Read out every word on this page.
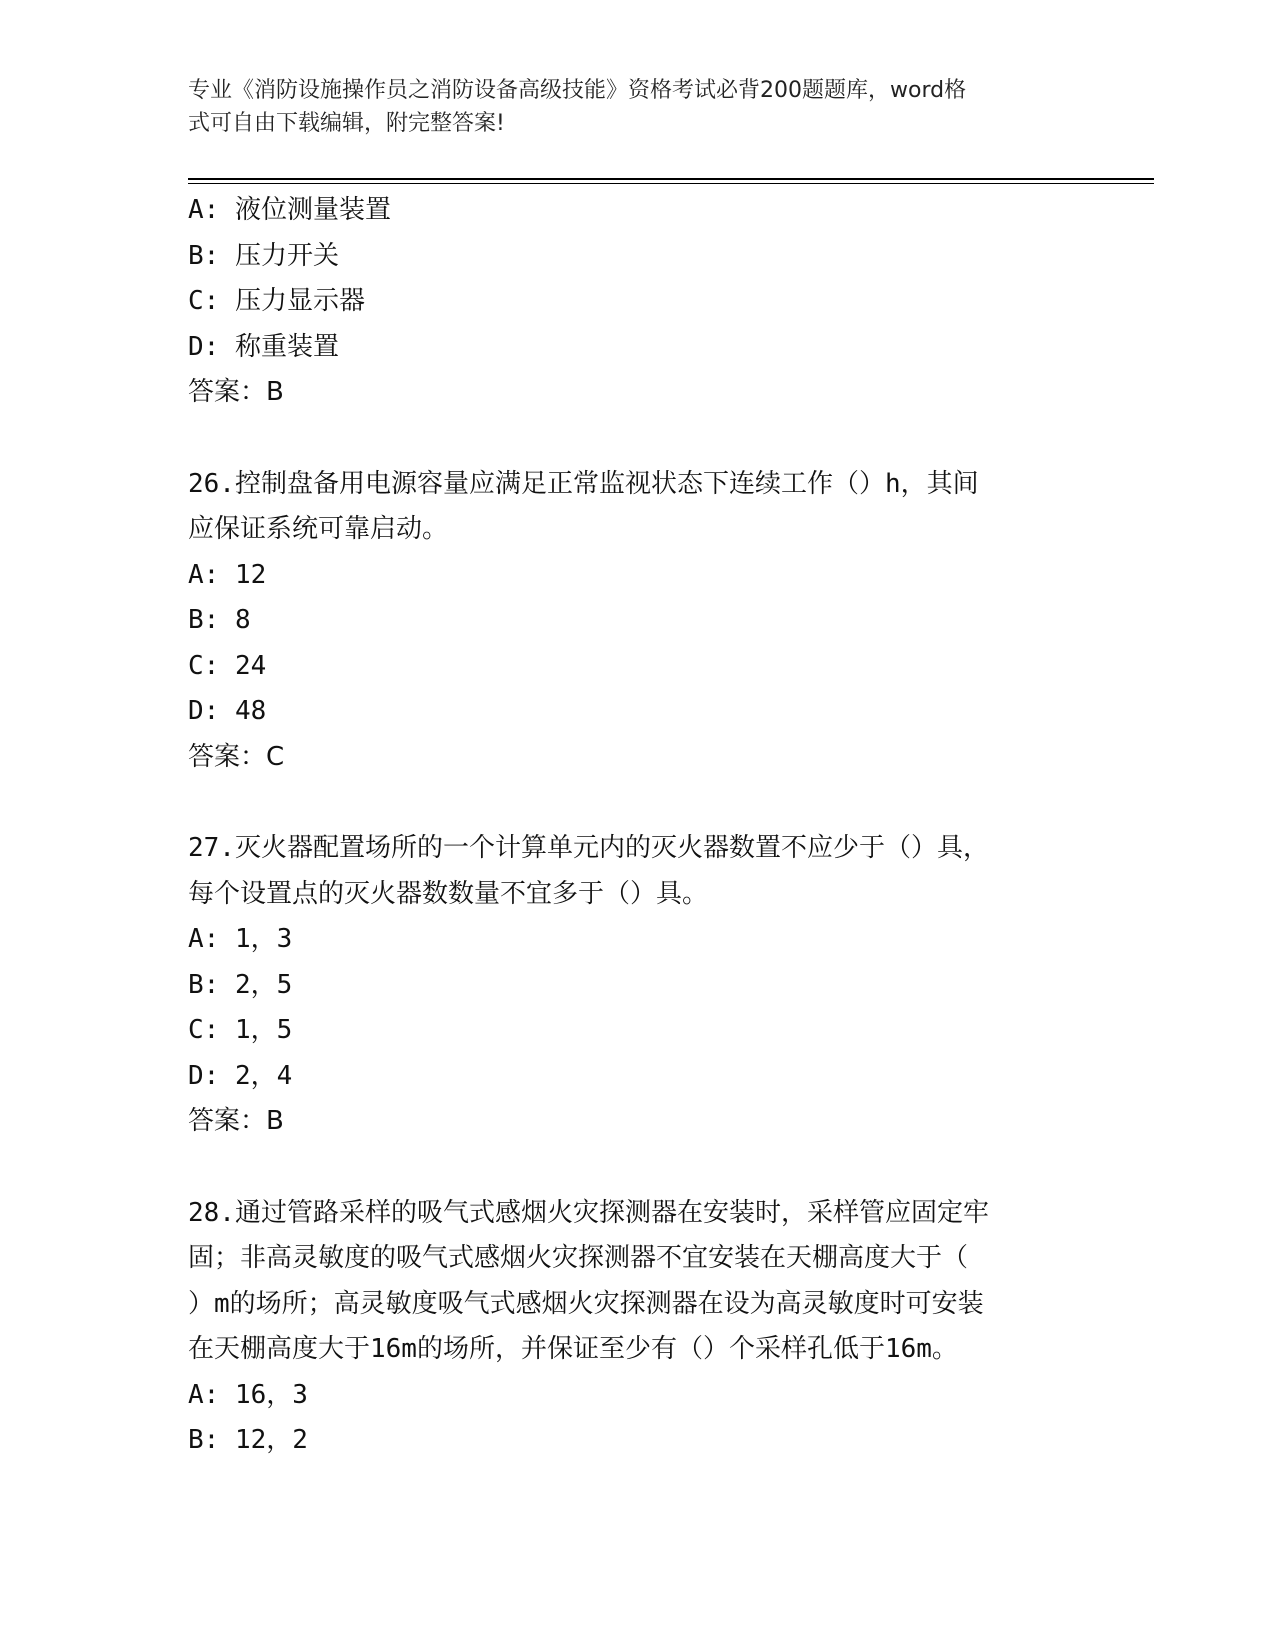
专业《消防设施操作员之消防设备高级技能》资格考试必背200题题库，word格
式可自由下载编辑，附完整答案!
A: 液位测量装置
B: 压力开关
C: 压力显示器
D: 称重装置
答案：B
26.控制盘备用电源容量应满足正常监视状态下连续工作（）h，其间
应保证系统可靠启动。
A: 12
B: 8
C: 24
D: 48
答案：C
27.灭火器配置场所的一个计算单元内的灭火器数置不应少于（）具，
每个设置点的灭火器数数量不宜多于（）具。
A: 1，3
B: 2，5
C: 1，5
D: 2，4
答案：B
28.通过管路采样的吸气式感烟火灾探测器在安装时，采样管应固定牢
固；非高灵敏度的吸气式感烟火灾探测器不宜安装在天棚高度大于（
）m的场所；高灵敏度吸气式感烟火灾探测器在设为高灵敏度时可安装
在天棚高度大于16m的场所，并保证至少有（）个采样孔低于16m。
A: 16，3
B: 12，2
